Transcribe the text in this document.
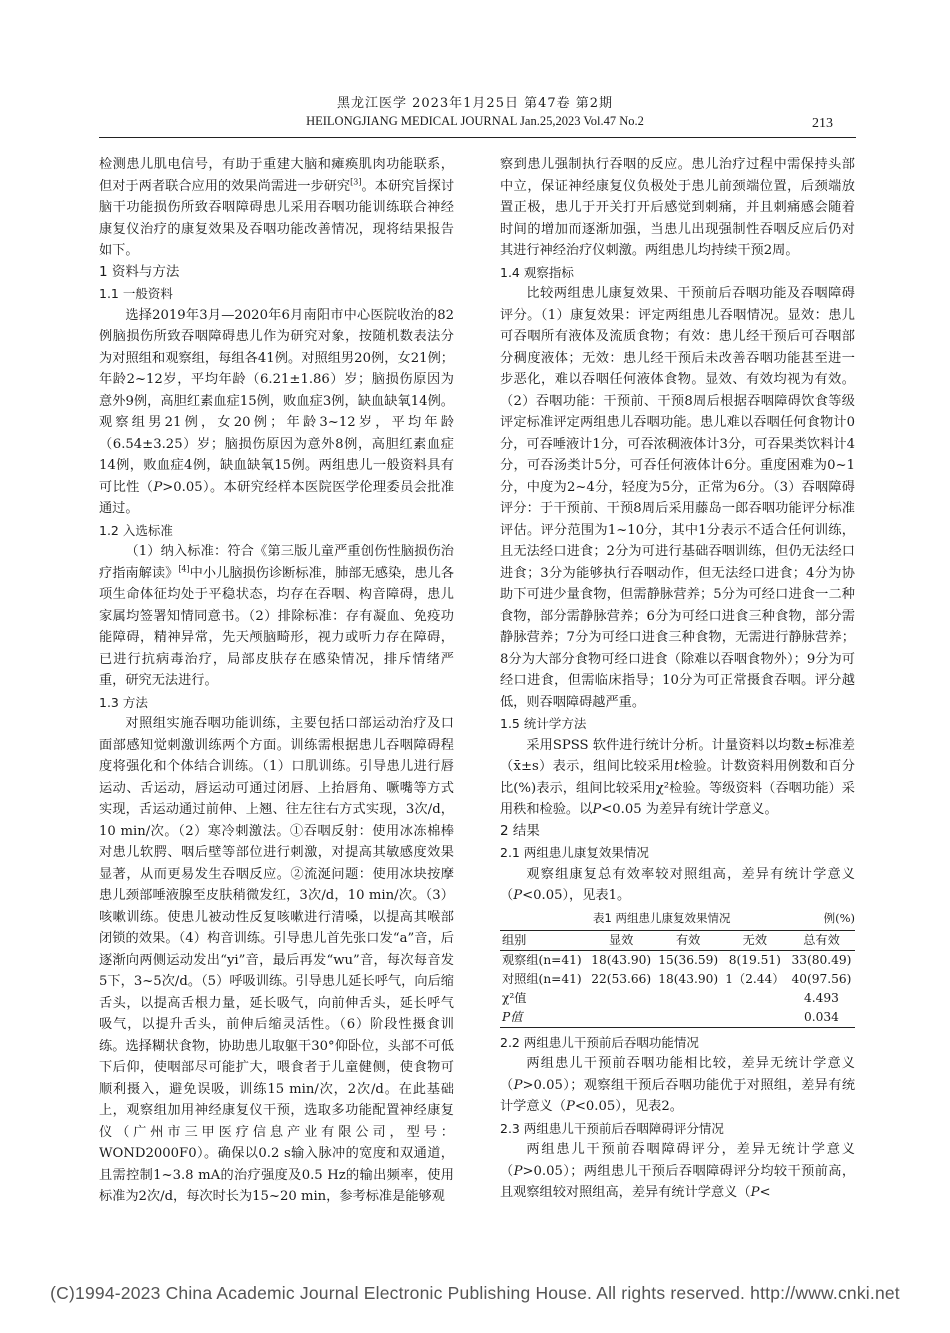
黑龙江医学 2023年1月25日 第47卷 第2期
HEILONGJIANG MEDICAL JOURNAL Jan.25,2023 Vol.47 No.2	213

检测患儿肌电信号，有助于重建大脑和瘫痪肌肉功能联系，但对于两者联合应用的效果尚需进一步研究[3]。本研究旨探讨脑干功能损伤所致吞咽障碍患儿采用吞咽功能训练联合神经康复仪治疗的康复效果及吞咽功能改善情况，现将结果报告如下。

1 资料与方法

1.1 一般资料

选择2019年3月—2020年6月南阳市中心医院收治的82例脑损伤所致吞咽障碍患儿作为研究对象，按随机数表法分为对照组和观察组，每组各41例。对照组男20例，女21例；年龄2~12岁，平均年龄（6.21±1.86）岁；脑损伤原因为意外9例，高胆红素血症15例，败血症3例，缺血缺氧14例。观察组男21例，女20例；年龄3~12岁，平均年龄（6.54±3.25）岁；脑损伤原因为意外8例，高胆红素血症14例，败血症4例，缺血缺氧15例。两组患儿一般资料具有可比性（P>0.05）。本研究经样本医院医学伦理委员会批准通过。

1.2 入选标准

（1）纳入标准：符合《第三版儿童严重创伤性脑损伤治疗指南解读》[4]中小儿脑损伤诊断标准，肺部无感染，患儿各项生命体征均处于平稳状态，均存在吞咽、构音障碍，患儿家属均签署知情同意书。（2）排除标准：存有凝血、免疫功能障碍，精神异常，先天颅脑畸形，视力或听力存在障碍，已进行抗病毒治疗，局部皮肤存在感染情况，排斥情绪严重，研究无法进行。

1.3 方法

对照组实施吞咽功能训练，主要包括口部运动治疗及口面部感知觉刺激训练两个方面。训练需根据患儿吞咽障碍程度将强化和个体结合训练。（1）口肌训练。引导患儿进行唇运动、舌运动，唇运动可通过闭唇、上抬唇角、噘嘴等方式实现，舌运动通过前伸、上翘、往左往右方式实现，3次/d，10 min/次。（2）寒冷刺激法。①吞咽反射：使用冰冻棉棒对患儿软腭、咽后壁等部位进行刺激，对提高其敏感度效果显著，从而更易发生吞咽反应。②流涎问题：使用冰块按摩患儿颈部唾液腺至皮肤稍微发红，3次/d，10 min/次。（3）咳嗽训练。使患儿被动性反复咳嗽进行清嗓，以提高其喉部闭锁的效果。（4）构音训练。引导患儿首先张口发“a”音，后逐渐向两侧运动发出“yi”音，最后再发“wu”音，每次每音发5下，3~5次/d。（5）呼吸训练。引导患儿延长呼气，向后缩舌头，以提高舌根力量，延长吸气，向前伸舌头，延长呼气吸气，以提升舌头，前伸后缩灵活性。（6）阶段性摄食训练。选择糊状食物，协助患儿取躯干30°仰卧位，头部不可低下后仰，使咽部尽可能扩大，喂食者于儿童健侧，使食物可顺利摄入，避免误吸，训练15 min/次，2次/d。在此基础上，观察组加用神经康复仪干预，选取多功能配置神经康复仪（广州市三甲医疗信息产业有限公司，型号：WOND2000F0）。确保以0.2 s输入脉冲的宽度和双通道，且需控制1~3.8 mA的治疗强度及0.5 Hz的输出频率，使用标准为2次/d，每次时长为15~20 min，参考标准是能够观

察到患儿强制执行吞咽的反应。患儿治疗过程中需保持头部中立，保证神经康复仪负极处于患儿前颈端位置，后颈端放置正极，患儿于开关打开后感觉到刺痛，并且刺痛感会随着时间的增加而逐渐加强，当患儿出现强制性吞咽反应后仍对其进行神经治疗仪刺激。两组患儿均持续干预2周。

1.4 观察指标

比较两组患儿康复效果、干预前后吞咽功能及吞咽障碍评分。（1）康复效果：评定两组患儿吞咽情况。显效：患儿可吞咽所有液体及流质食物；有效：患儿经干预后可吞咽部分稠度液体；无效：患儿经干预后未改善吞咽功能甚至进一步恶化，难以吞咽任何液体食物。显效、有效均视为有效。（2）吞咽功能：干预前、干预8周后根据吞咽障碍饮食等级评定标准评定两组患儿吞咽功能。患儿难以吞咽任何食物计0分，可吞唾液计1分，可吞浓稠液体计3分，可吞果类饮料计4分，可吞汤类计5分，可吞任何液体计6分。重度困难为0~1分，中度为2~4分，轻度为5分，正常为6分。（3）吞咽障碍评分：于干预前、干预8周后采用藤岛一郎吞咽功能评分标准评估。评分范围为1~10分，其中1分表示不适合任何训练，且无法经口进食；2分为可进行基础吞咽训练，但仍无法经口进食；3分为能够执行吞咽动作，但无法经口进食；4分为协助下可进少量食物，但需静脉营养；5分为可经口进食一二种食物，部分需静脉营养；6分为可经口进食三种食物，部分需静脉营养；7分为可经口进食三种食物，无需进行静脉营养；8分为大部分食物可经口进食（除难以吞咽食物外）；9分为可经口进食，但需临床指导；10分为可正常摄食吞咽。评分越低，则吞咽障碍越严重。

1.5 统计学方法

采用SPSS 软件进行统计分析。计量资料以均数±标准差（x̄±s）表示，组间比较采用t检验。计数资料用例数和百分比(%)表示，组间比较采用χ²检验。等级资料（吞咽功能）采用秩和检验。以P<0.05 为差异有统计学意义。

2 结果

2.1 两组患儿康复效果情况

观察组康复总有效率较对照组高，差异有统计学意义（P<0.05），见表1。

表1 两组患儿康复效果情况	例(%)
组别	显效	有效	无效	总有效
观察组(n=41)	18(43.90)	15(36.59)	8(19.51)	33(80.49)
对照组(n=41)	22(53.66)	18(43.90)	1（2.44）	40(97.56)
χ²值				4.493
P值				0.034

2.2 两组患儿干预前后吞咽功能情况

两组患儿干预前吞咽功能相比较，差异无统计学意义（P>0.05）；观察组干预后吞咽功能优于对照组，差异有统计学意义（P<0.05），见表2。

2.3 两组患儿干预前后吞咽障碍评分情况

两组患儿干预前吞咽障碍评分，差异无统计学意义（P>0.05）；两组患儿干预后吞咽障碍评分均较干预前高，且观察组较对照组高，差异有统计学意义（P<

(C)1994-2023 China Academic Journal Electronic Publishing House. All rights reserved. http://www.cnki.net
